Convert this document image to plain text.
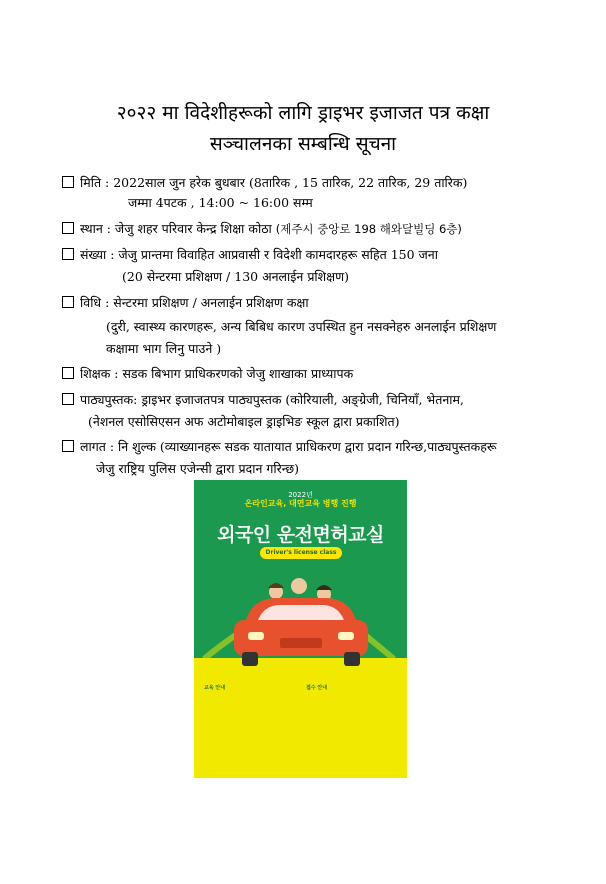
२०२२ मा विदेशीहरूको लागि ड्राइभर इजाजत पत्र कक्षा
सञ्चालनका सम्बन्धि सूचना
मिति : 2022साल जुन हरेक बुधबार (8तारिक , 15 तारिक, 22 तारिक, 29 तारिक)
जम्मा 4पटक , 14:00 ~ 16:00 सम्म
स्थान : जेजु शहर परिवार केन्द्र शिक्षा कोठा (제주시 중앙로 198 해와달빌딩 6층)
संख्या : जेजु प्रान्तमा विवाहित आप्रवासी र विदेशी कामदारहरू सहित 150 जना
(20 सेन्टरमा प्रशिक्षण / 130 अनलाईन प्रशिक्षण)
विधि : सेन्टरमा प्रशिक्षण / अनलाईन प्रशिक्षण कक्षा
(दुरी, स्वास्थ्य कारणहरू, अन्य बिबिध कारण उपस्थित हुन नसक्नेहरु अनलाईन प्रशिक्षण
कक्षामा भाग लिनु पाउने )
शिक्षक : सडक बिभाग प्राधिकरणको जेजु शाखाका प्राध्यापक
पाठ्यपुस्तक: ड्राइभर इजाजतपत्र पाठ्यपुस्तक (कोरियाली, अङ्ग्रेजी, चिनियाँ, भेतनाम,
(नेशनल एसोसिएसन अफ अटोमोबाइल ड्राइभिङ स्कूल द्वारा प्रकाशित)
लागत : नि शुल्क (व्याख्यानहरू सडक यातायात प्राधिकरण द्वारा प्रदान गरिन्छ,पाठ्यपुस्तकहरू
जेजु राष्ट्रिय पुलिस एजेन्सी द्वारा प्रदान गरिन्छ)
2022년
온라인교육, 대면교육 병행 진행
외국인 운전면허교실
Driver's license class
교육 안내	접수 안내
